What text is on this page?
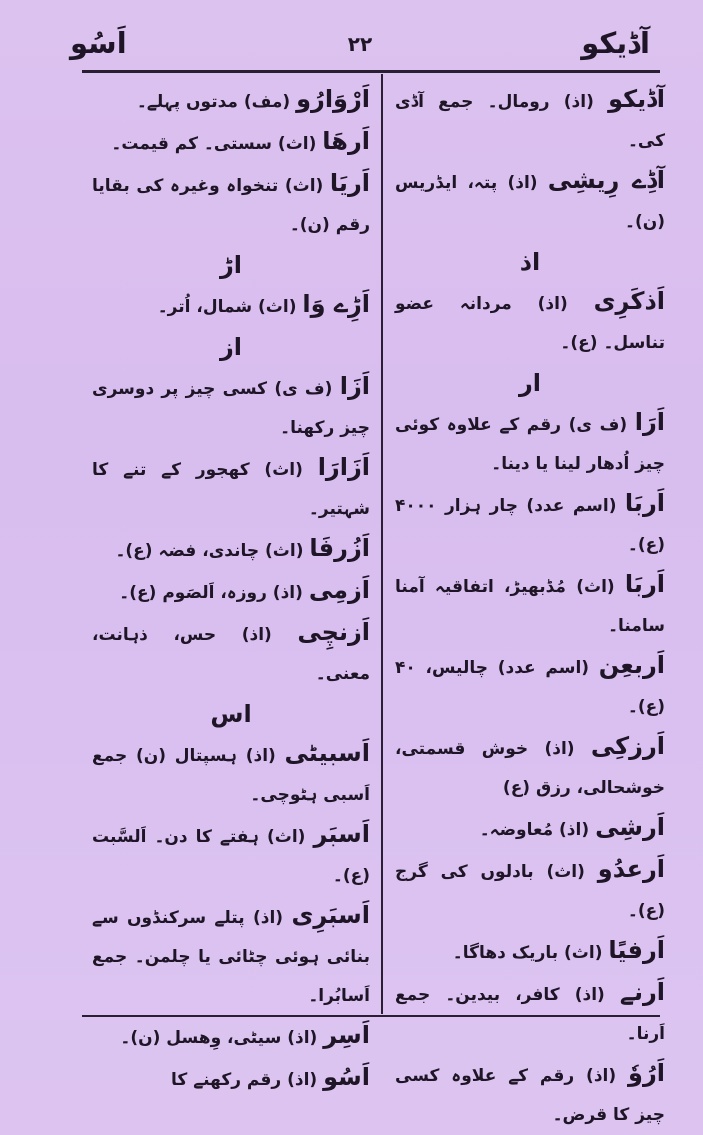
آڈیکو
٢٢
اَسُو

آڈیکو (اذ) رومال۔ جمع آڈی کی۔

آڈِے رِیشِی (اذ) پتہ، ایڈریس (ن)۔

اذ

اَذکَرِی (اذ) مردانہ عضو تناسل۔ (ع)۔

ار

اَرَا (ف ی) رقم کے علاوہ کوئی چیز اُدھار لینا یا دینا۔

اَربَا (اسم عدد) چار ہزار ۴۰۰۰ (ع)۔

اَربَا (اث) مُڈبھیڑ، اتفاقیہ آمنا سامنا۔

اَربعِن (اسم عدد) چالیس، ۴۰ (ع)۔

اَرزکِی (اذ) خوش قسمتی، خوشحالی، رزق (ع)

اَرشِی (اذ) مُعاوضہ۔

اَرعدُو (اث) بادلوں کی گرج (ع)۔

اَرفیًا (اث) باریک دھاگا۔

اَرنے (اذ) کافر، بیدین۔ جمع اَرنا۔

اَرُوٗ (اذ) رقم کے علاوہ کسی چیز کا قرض۔

اَرْوَارُو (مف) مدتوں پہلے۔

اَرهَا (اث) سستی۔ کم قیمت۔

اَریَا (اث) تنخواہ وغیرہ کی بقایا رقم (ن)۔

اڑ

اَڑِے وَا (اث) شمال، اُتر۔

از

اَزَا (ف ی) کسی چیز پر دوسری چیز رکھنا۔

اَزَارَا (اث) کھجور کے تنے کا شہتیر۔

اَزُرفَا (اث) چاندی، فضہ (ع)۔

اَزمِی (اذ) روزہ، اَلصَوم (ع)۔

اَزنچِی (اذ) حس، ذہانت، معنی۔

اس

اَسبیٹی (اذ) ہسپتال (ن) جمع اَسبی ہٹوچی۔

اَسبَر (اث) ہفتے کا دن۔ اَلسَّبت (ع)۔

اَسبَرِی (اذ) پتلے سرکنڈوں سے بنائی ہوئی چٹائی یا چلمن۔ جمع اَسابُرا۔

اَسِر (اذ) سیٹی، وِھسل (ن)۔

اَسُو (اذ) رقم رکھنے کا
